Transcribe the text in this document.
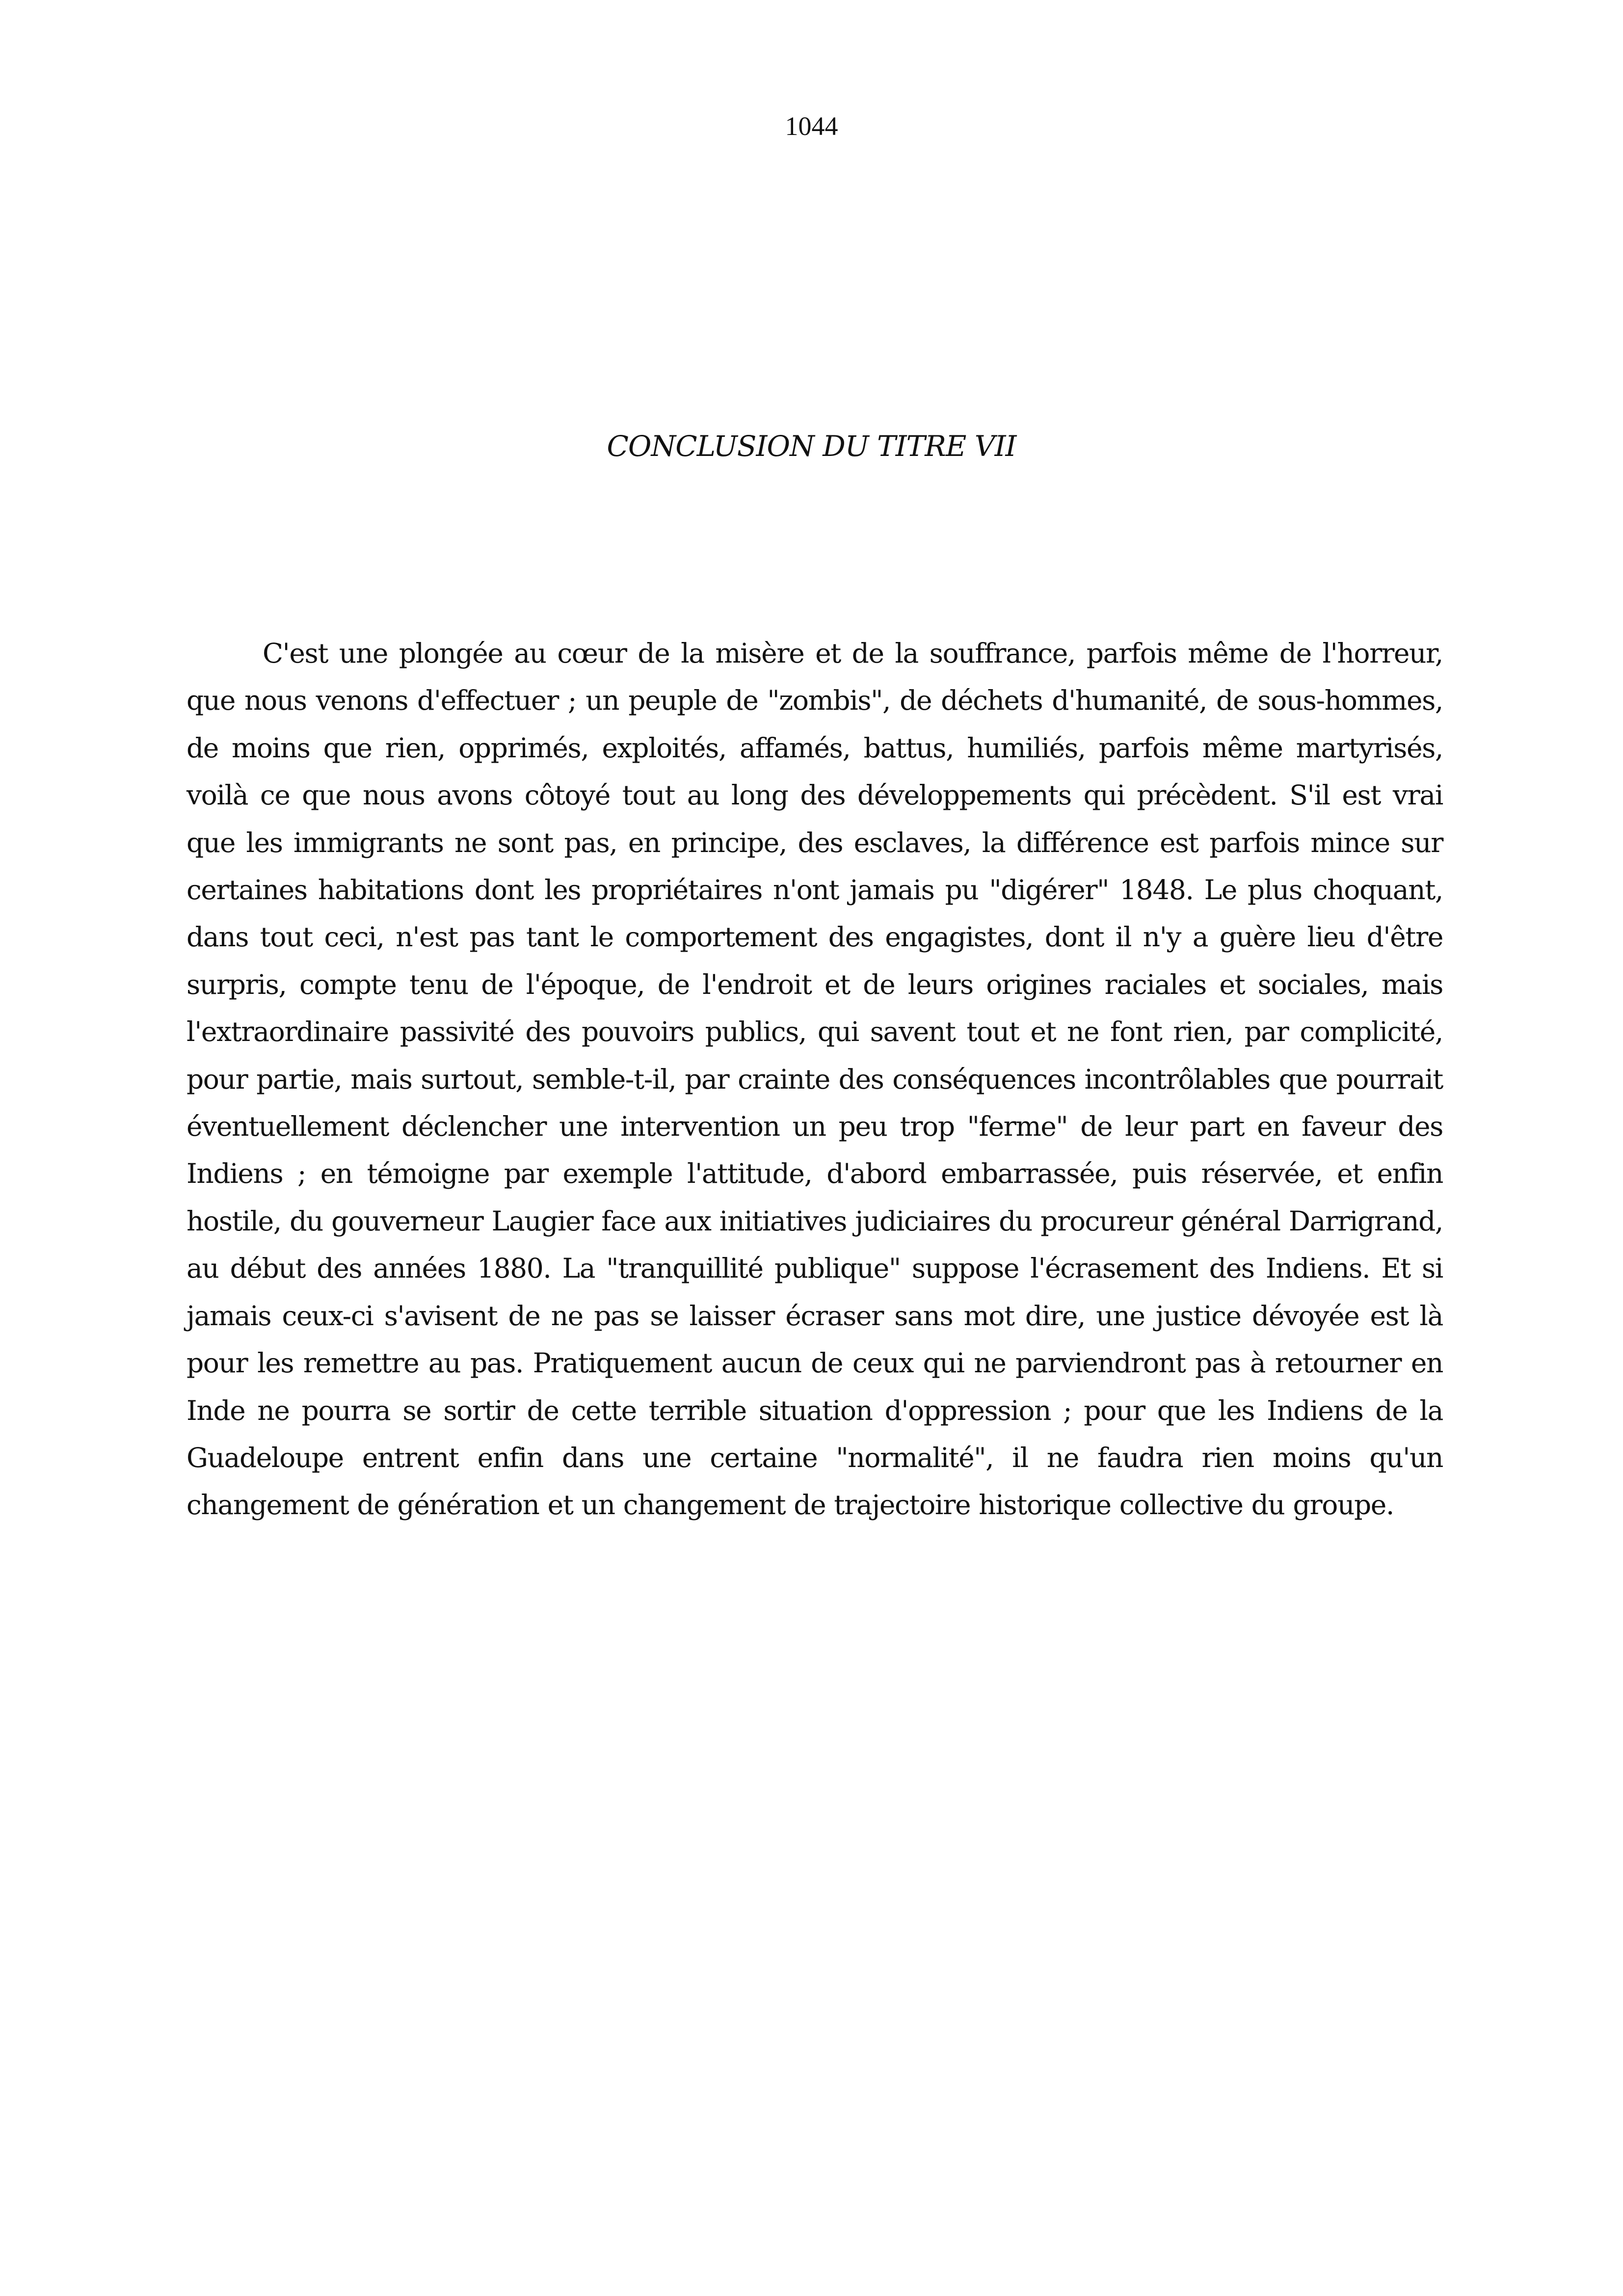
1044
CONCLUSION DU TITRE VII

C'est une plongée au cœur de la misère et de la souffrance, parfois même de l'horreur, que nous venons d'effectuer ; un peuple de "zombis", de déchets d'humanité, de sous-hommes, de moins que rien, opprimés, exploités, affamés, battus, humiliés, parfois même martyrisés, voilà ce que nous avons côtoyé tout au long des développements qui précèdent. S'il est vrai que les immigrants ne sont pas, en principe, des esclaves, la différence est parfois mince sur certaines habitations dont les propriétaires n'ont jamais pu "digérer" 1848. Le plus choquant, dans tout ceci, n'est pas tant le comportement des engagistes, dont il n'y a guère lieu d'être surpris, compte tenu de l'époque, de l'endroit et de leurs origines raciales et sociales, mais l'extraordinaire passivité des pouvoirs publics, qui savent tout et ne font rien, par complicité, pour partie, mais surtout, semble-t-il, par crainte des conséquences incontrôlables que pourrait éventuellement déclencher une intervention un peu trop "ferme" de leur part en faveur des Indiens ; en témoigne par exemple l'attitude, d'abord embarrassée, puis réservée, et enfin hostile, du gouverneur Laugier face aux initiatives judiciaires du procureur général Darrigrand, au début des années 1880. La "tranquillité publique" suppose l'écrasement des Indiens. Et si jamais ceux-ci s'avisent de ne pas se laisser écraser sans mot dire, une justice dévoyée est là pour les remettre au pas. Pratiquement aucun de ceux qui ne parviendront pas à retourner en Inde ne pourra se sortir de cette terrible situation d'oppression ; pour que les Indiens de la Guadeloupe entrent enfin dans une certaine "normalité", il ne faudra rien moins qu'un changement de génération et un changement de trajectoire historique collective du groupe.
